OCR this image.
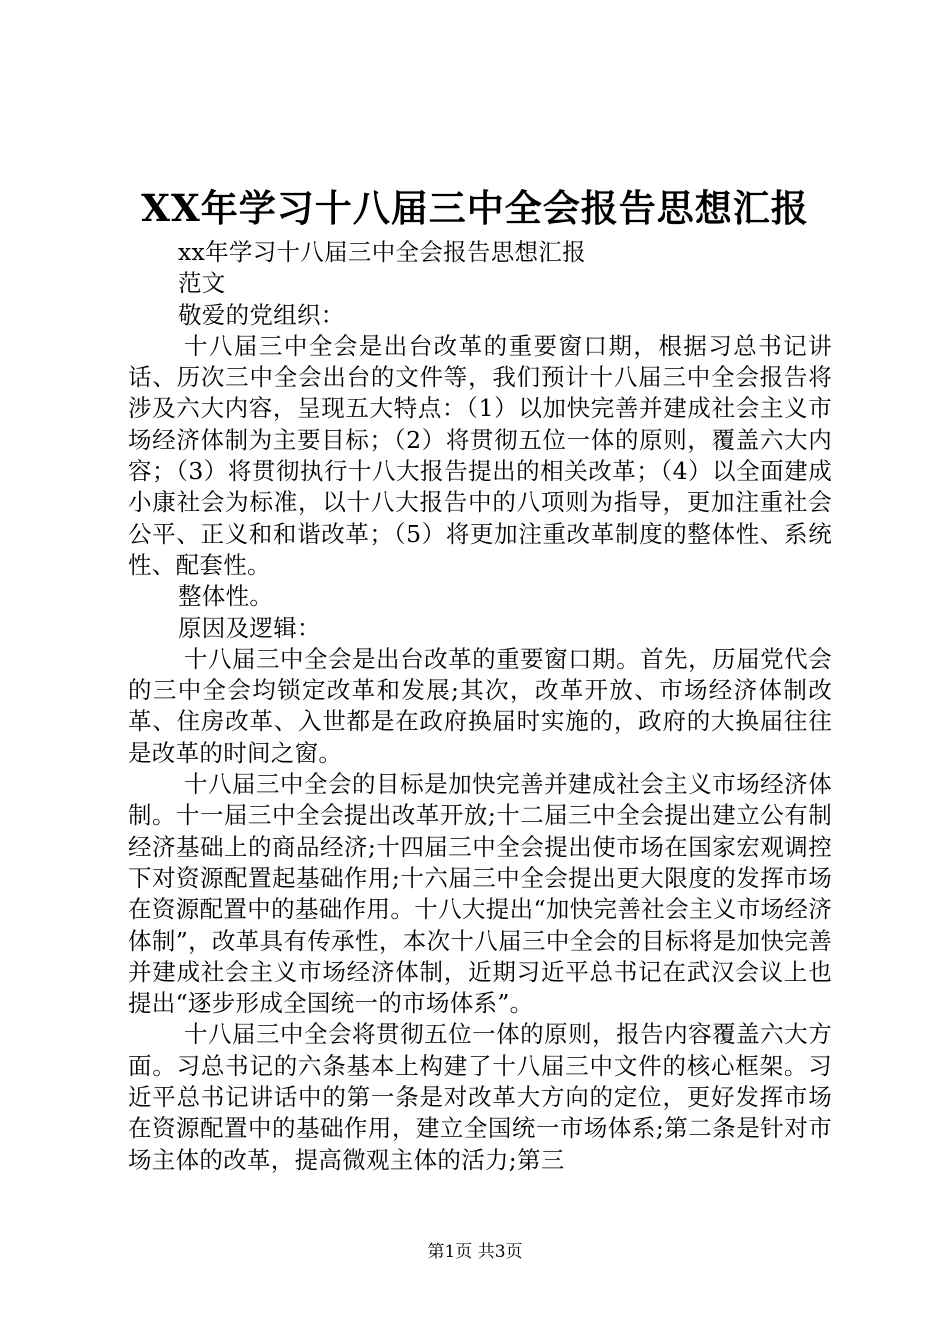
XX年学习十八届三中全会报告思想汇报

xx年学习十八届三中全会报告思想汇报

范文

敬爱的党组织：

十八届三中全会是出台改革的重要窗口期，根据习总书记讲话、历次三中全会出台的文件等，我们预计十八届三中全会报告将涉及六大内容，呈现五大特点：（1）以加快完善并建成社会主义市场经济体制为主要目标；（2）将贯彻五位一体的原则，覆盖六大内容；（3）将贯彻执行十八大报告提出的相关改革；（4）以全面建成小康社会为标准，以十八大报告中的八项则为指导，更加注重社会公平、正义和和谐改革；（5）将更加注重改革制度的整体性、系统性、配套性。

整体性。

原因及逻辑：

十八届三中全会是出台改革的重要窗口期。首先，历届党代会的三中全会均锁定改革和发展;其次，改革开放、市场经济体制改革、住房改革、入世都是在政府换届时实施的，政府的大换届往往是改革的时间之窗。

十八届三中全会的目标是加快完善并建成社会主义市场经济体制。十一届三中全会提出改革开放;十二届三中全会提出建立公有制经济基础上的商品经济;十四届三中全会提出使市场在国家宏观调控下对资源配置起基础作用;十六届三中全会提出更大限度的发挥市场在资源配置中的基础作用。十八大提出“加快完善社会主义市场经济体制”，改革具有传承性，本次十八届三中全会的目标将是加快完善并建成社会主义市场经济体制，近期习近平总书记在武汉会议上也提出“逐步形成全国统一的市场体系”。

十八届三中全会将贯彻五位一体的原则，报告内容覆盖六大方面。习总书记的六条基本上构建了十八届三中文件的核心框架。习近平总书记讲话中的第一条是对改革大方向的定位，更好发挥市场在资源配置中的基础作用，建立全国统一市场体系;第二条是针对市场主体的改革，提高微观主体的活力;第三

第1页 共3页
